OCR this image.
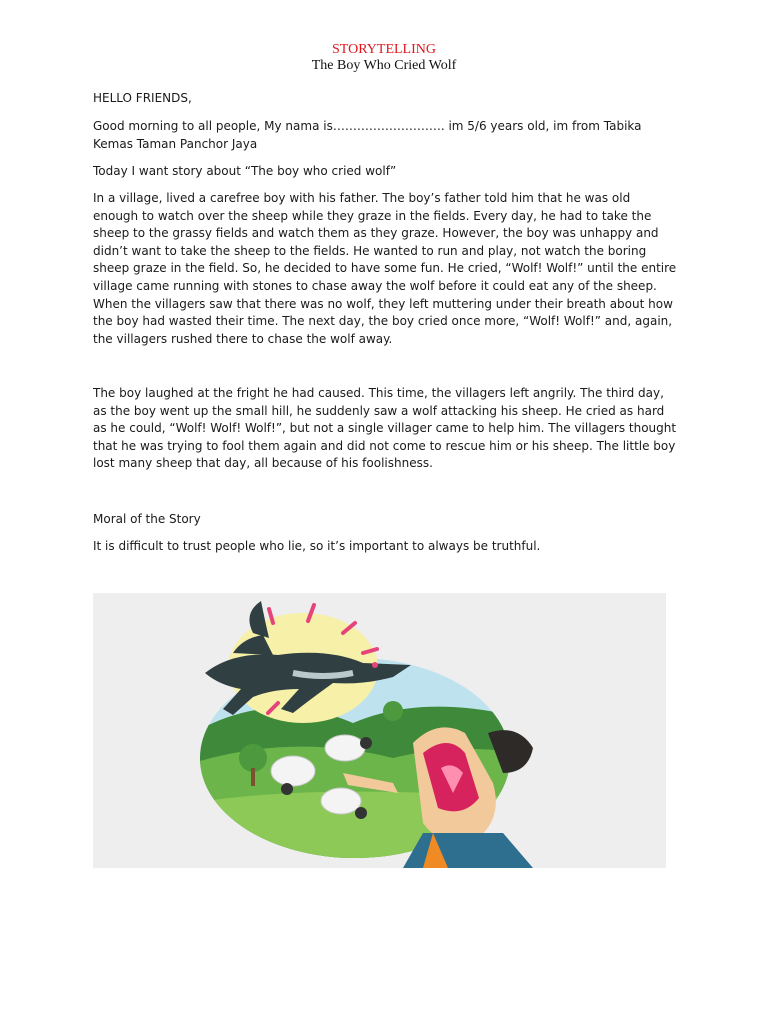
STORYTELLING
The Boy Who Cried Wolf

HELLO FRIENDS,

Good morning to all people, My nama is………………………. im 5/6 years old, im from Tabika Kemas Taman Panchor Jaya

Today I want story about “The boy who cried wolf”

In a village, lived a carefree boy with his father. The boy’s father told him that he was old enough to watch over the sheep while they graze in the fields. Every day, he had to take the sheep to the grassy fields and watch them as they graze. However, the boy was unhappy and didn’t want to take the sheep to the fields. He wanted to run and play, not watch the boring sheep graze in the field. So, he decided to have some fun. He cried, “Wolf! Wolf!” until the entire village came running with stones to chase away the wolf before it could eat any of the sheep. When the villagers saw that there was no wolf, they left muttering under their breath about how the boy had wasted their time. The next day, the boy cried once more, “Wolf! Wolf!” and, again, the villagers rushed there to chase the wolf away.

The boy laughed at the fright he had caused. This time, the villagers left angrily. The third day, as the boy went up the small hill, he suddenly saw a wolf attacking his sheep. He cried as hard as he could, “Wolf! Wolf! Wolf!”, but not a single villager came to help him. The villagers thought that he was trying to fool them again and did not come to rescue him or his sheep. The little boy lost many sheep that day, all because of his foolishness.

Moral of the Story

It is difficult to trust people who lie, so it’s important to always be truthful.
